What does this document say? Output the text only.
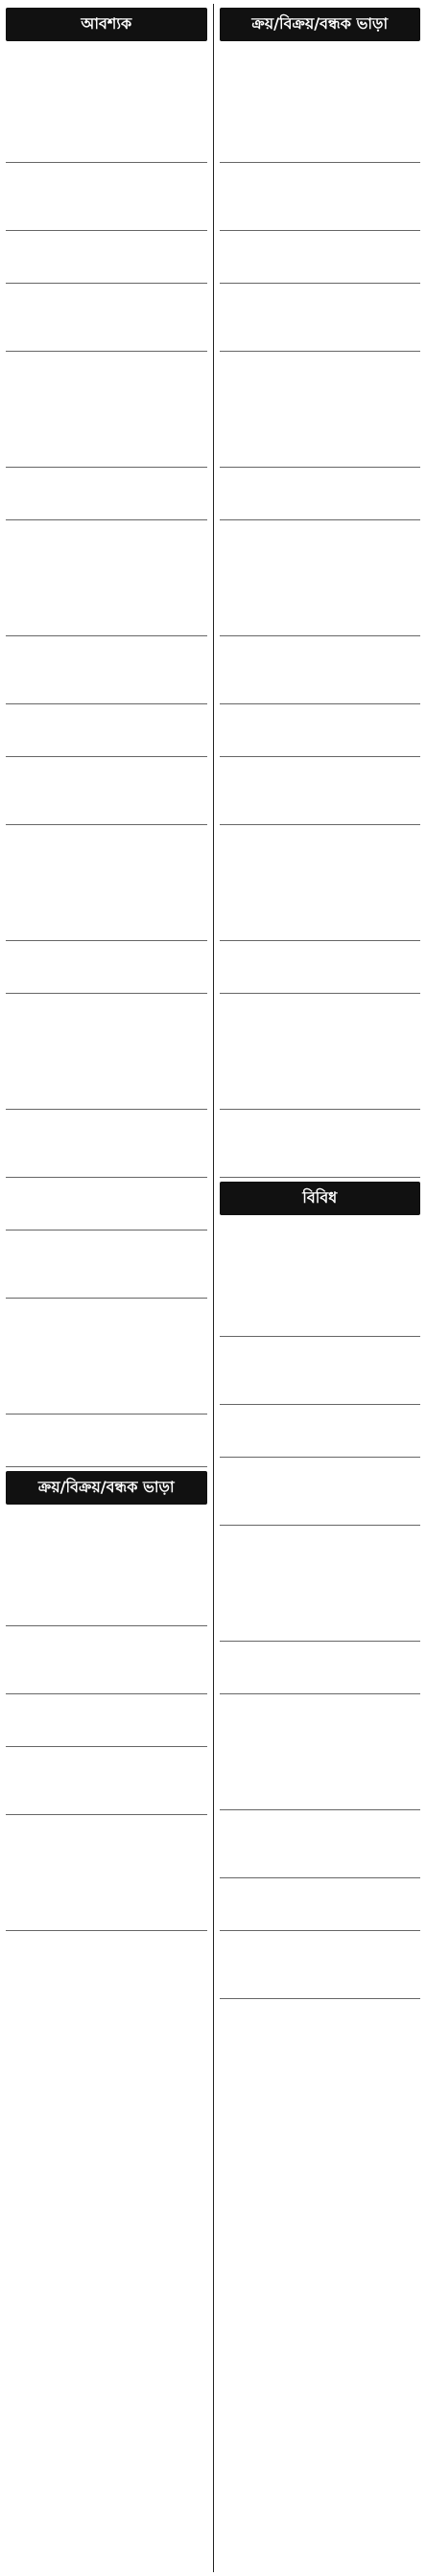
আবশ্যক
ক্রয়/বিক্রয়/বন্ধক ভাড়া
ক্রয়/বিক্রয়/বন্ধক ভাড়া
বিবিধ
